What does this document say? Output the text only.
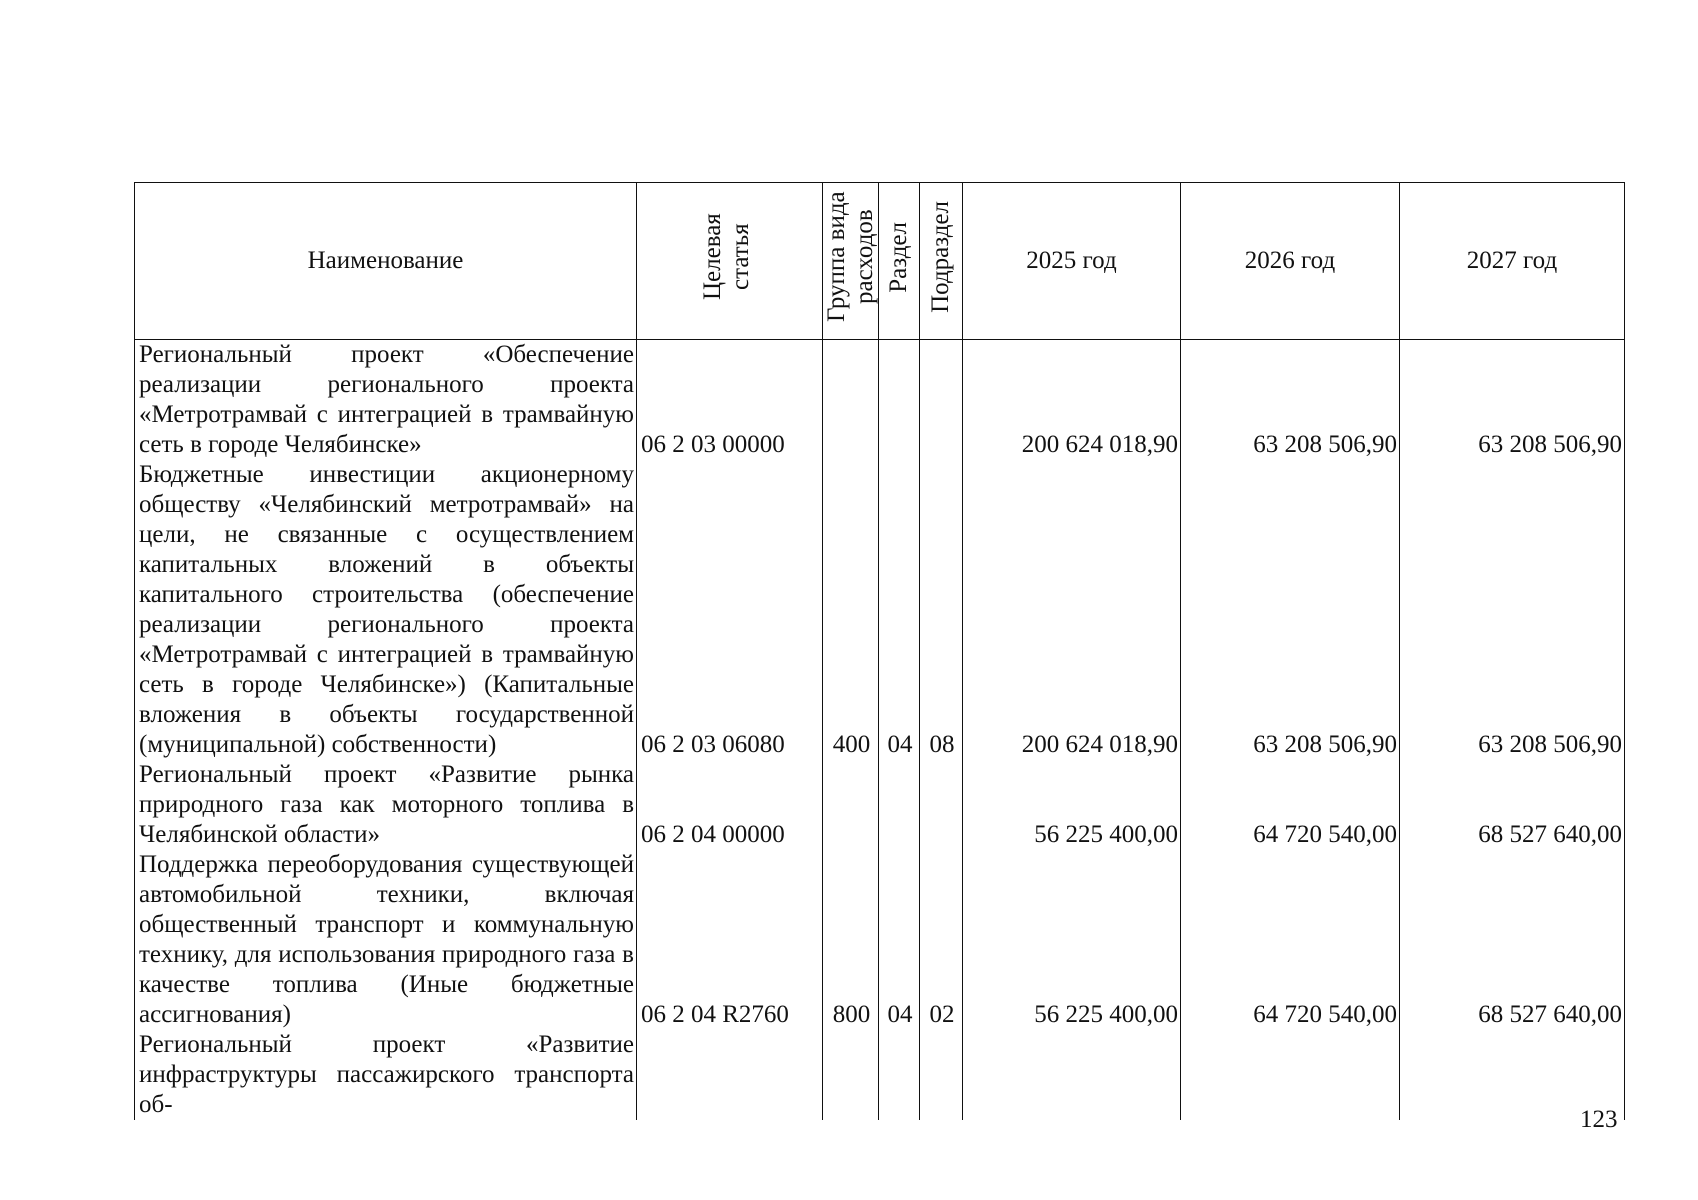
Наименование	Целевая статья	Группа вида расходов	Раздел	Подраздел	2025 год	2026 год	2027 год
Региональный проект «Обеспечение реализации регионального проекта «Метротрамвай с интеграцией в трамвайную сеть в городе Челябинске»	06 2 03 00000				200 624 018,90	63 208 506,90	63 208 506,90
Бюджетные инвестиции акционерному обществу «Челябинский метротрамвай» на цели, не связанные с осуществлением капитальных вложений в объекты капитального строительства (обеспечение реализации регионального проекта «Метротрамвай с интеграцией в трамвайную сеть в городе Челябинске») (Капитальные вложения в объекты государственной (муниципальной) собственности)	06 2 03 06080	400	04	08	200 624 018,90	63 208 506,90	63 208 506,90
Региональный проект «Развитие рынка природного газа как моторного топлива в Челябинской области»	06 2 04 00000				56 225 400,00	64 720 540,00	68 527 640,00
Поддержка переоборудования существующей автомобильной техники, включая общественный транспорт и коммунальную технику, для использования природного газа в качестве топлива (Иные бюджетные ассигнования)	06 2 04 R2760	800	04	02	56 225 400,00	64 720 540,00	68 527 640,00
Региональный проект «Развитие инфраструктуры пассажирского транспорта об-							
123
